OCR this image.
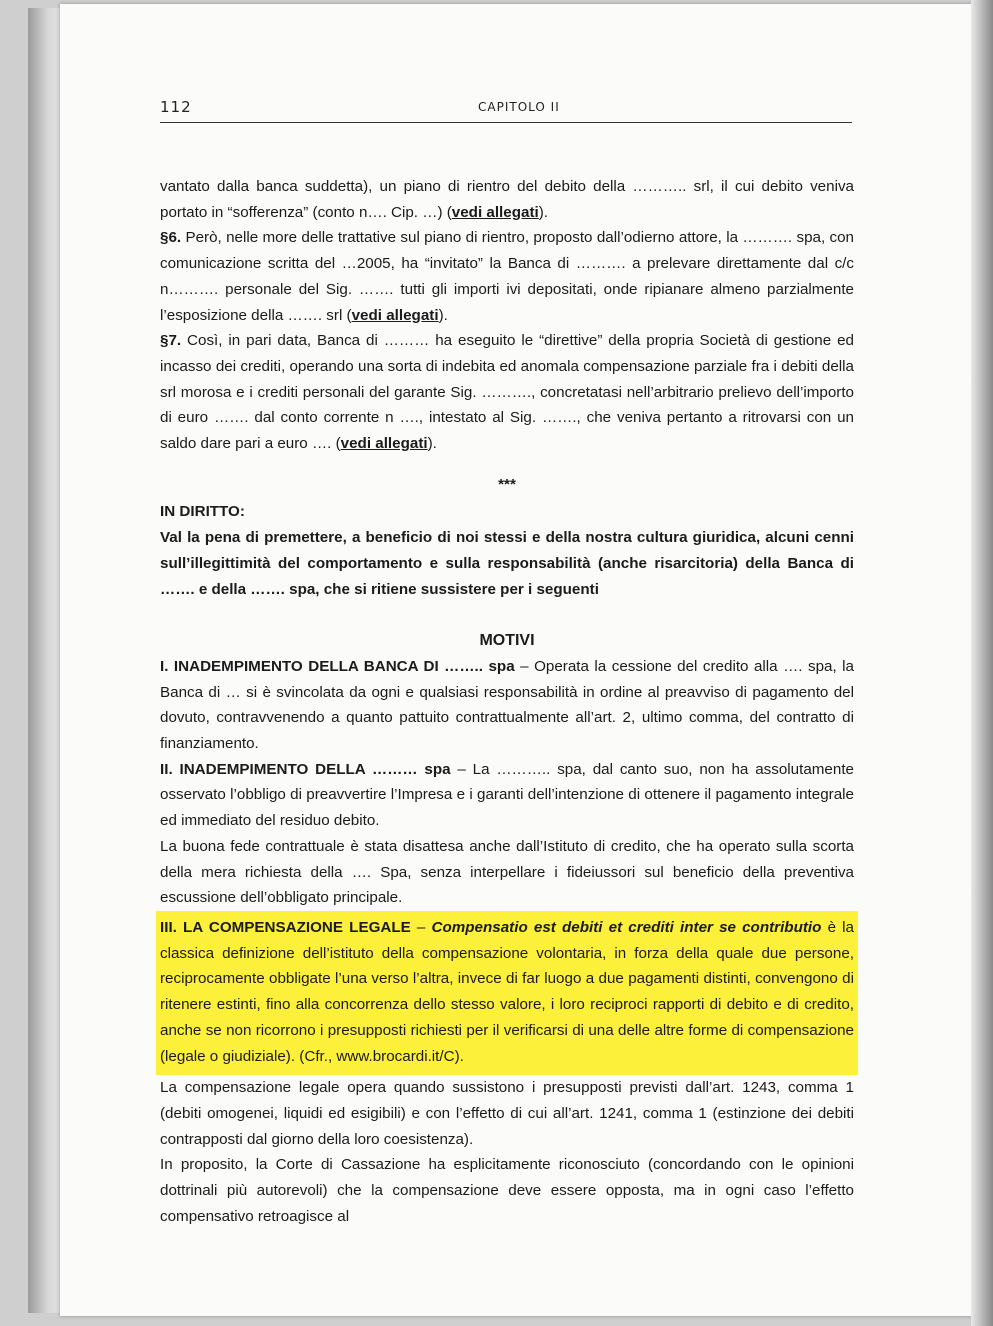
112	CAPITOLO II

vantato dalla banca suddetta), un piano di rientro del debito della ……….. srl, il cui debito veniva portato in “sofferenza” (conto n…. Cip. …) (vedi allegati).

§6. Però, nelle more delle trattative sul piano di rientro, proposto dall’odierno attore, la ………. spa, con comunicazione scritta del …2005, ha “invitato” la Banca di ………. a prelevare direttamente dal c/c n………. personale del Sig. ……. tutti gli importi ivi depositati, onde ripianare almeno parzialmente l’esposizione della ……. srl (vedi allegati).

§7. Così, in pari data, Banca di ……… ha eseguito le “direttive” della propria Società di gestione ed incasso dei crediti, operando una sorta di indebita ed anomala compensazione parziale fra i debiti della srl morosa e i crediti personali del garante Sig. ………., concretatasi nell’arbitrario prelievo dell’importo di euro ……. dal conto corrente n …., intestato al Sig. ……., che veniva pertanto a ritrovarsi con un saldo dare pari a euro …. (vedi allegati).

***

IN DIRITTO:

Val la pena di premettere, a beneficio di noi stessi e della nostra cultura giuridica, alcuni cenni sull’illegittimità del comportamento e sulla responsabilità (anche risarcitoria) della Banca di ……. e della ……. spa, che si ritiene sussistere per i seguenti

MOTIVI

I. INADEMPIMENTO DELLA BANCA DI …….. spa – Operata la cessione del credito alla …. spa, la Banca di … si è svincolata da ogni e qualsiasi responsabilità in ordine al preavviso di pagamento del dovuto, contravvenendo a quanto pattuito contrattualmente all’art. 2, ultimo comma, del contratto di finanziamento.

II. INADEMPIMENTO DELLA ……… spa – La ……….. spa, dal canto suo, non ha assolutamente osservato l’obbligo di preavvertire l’Impresa e i garanti dell’intenzione di ottenere il pagamento integrale ed immediato del residuo debito.

La buona fede contrattuale è stata disattesa anche dall’Istituto di credito, che ha operato sulla scorta della mera richiesta della …. Spa, senza interpellare i fideiussori sul beneficio della preventiva escussione dell’obbligato principale.

III. LA COMPENSAZIONE LEGALE – Compensatio est debiti et crediti inter se contributio è la classica definizione dell’istituto della compensazione volontaria, in forza della quale due persone, reciprocamente obbligate l’una verso l’altra, invece di far luogo a due pagamenti distinti, convengono di ritenere estinti, fino alla concorrenza dello stesso valore, i loro reciproci rapporti di debito e di credito, anche se non ricorrono i presupposti richiesti per il verificarsi di una delle altre forme di compensazione (legale o giudiziale). (Cfr., www.brocardi.it/C).

La compensazione legale opera quando sussistono i presupposti previsti dall’art. 1243, comma 1 (debiti omogenei, liquidi ed esigibili) e con l’effetto di cui all’art. 1241, comma 1 (estinzione dei debiti contrapposti dal giorno della loro coesistenza).

In proposito, la Corte di Cassazione ha esplicitamente riconosciuto (concordando con le opinioni dottrinali più autorevoli) che la compensazione deve essere opposta, ma in ogni caso l’effetto compensativo retroagisce al
